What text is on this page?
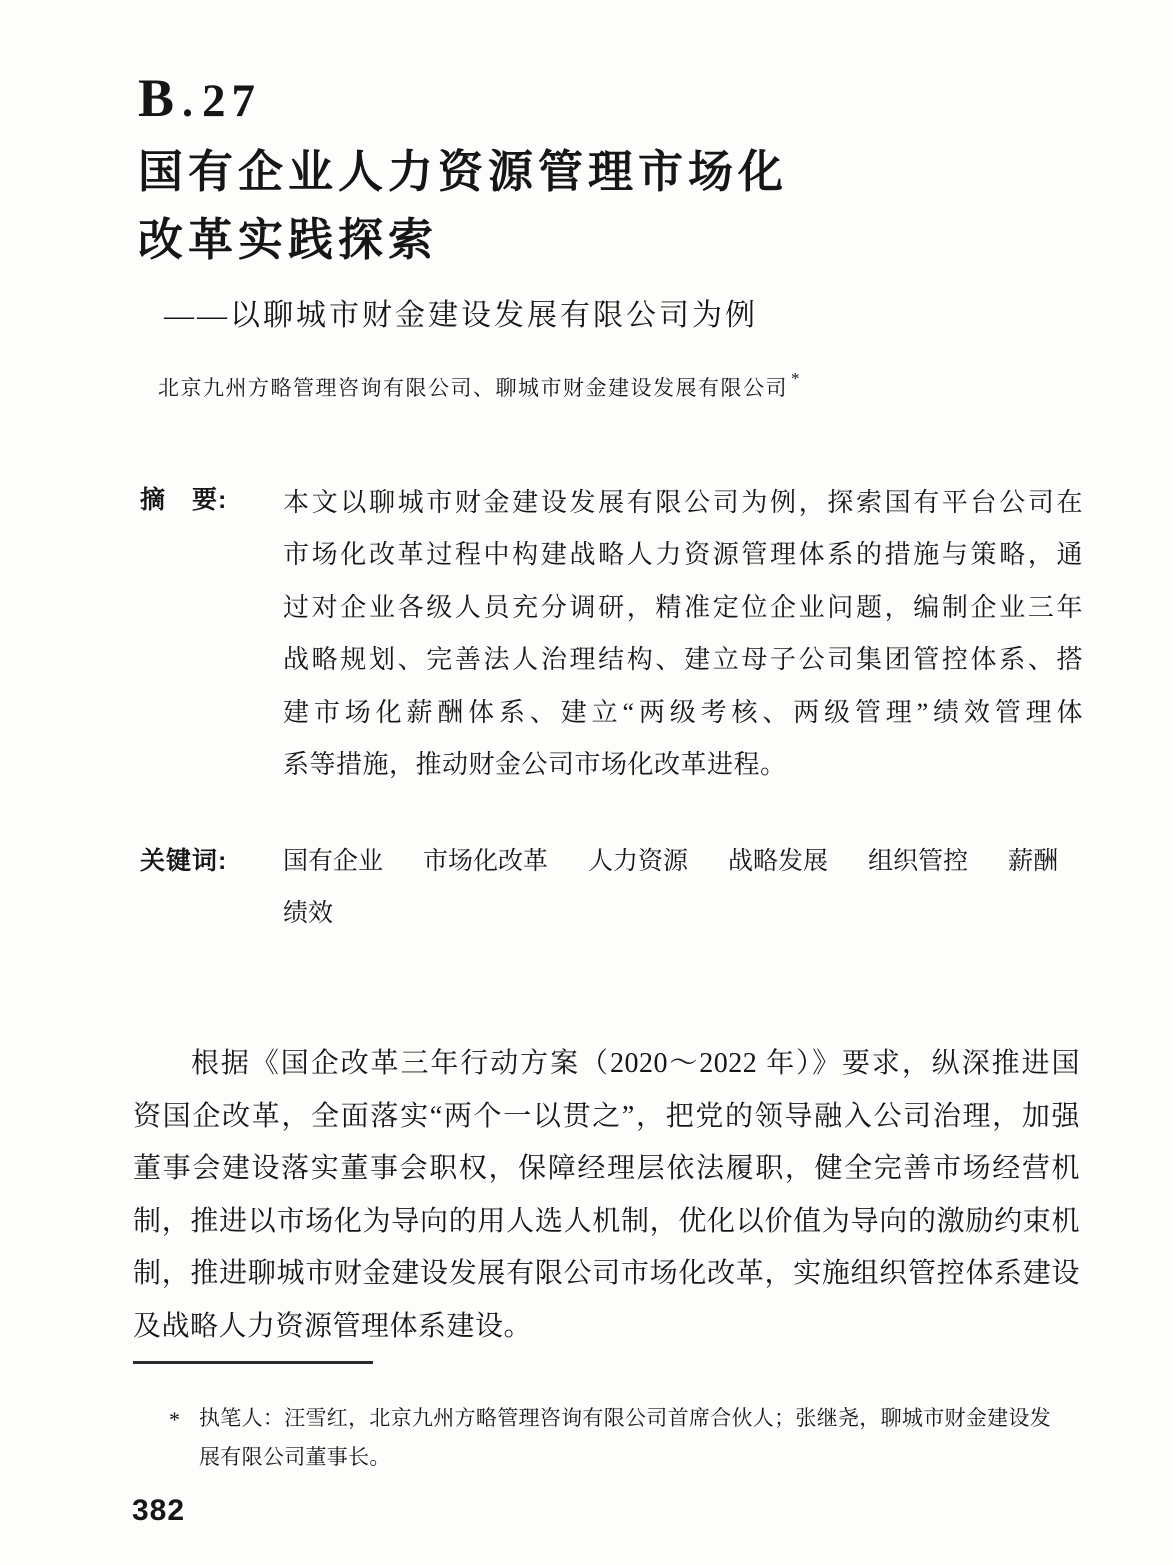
B . 27
国有企业人力资源管理市场化
改革实践探索
——以聊城市财金建设发展有限公司为例
北京九州方略管理咨询有限公司、聊城市财金建设发展有限公司 *
摘　要: 本文以聊城市财金建设发展有限公司为例，探索国有平台公司在
市场化改革过程中构建战略人力资源管理体系的措施与策略，通
过对企业各级人员充分调研，精准定位企业问题，编制企业三年
战略规划、完善法人治理结构、建立母子公司集团管控体系、搭
建市场化薪酬体系、建立“两级考核、两级管理”绩效管理体
系等措施，推动财金公司市场化改革进程。
关键词: 国有企业 市场化改革 人力资源 战略发展 组织管控 薪酬
绩效
根据《国企改革三年行动方案（2020～2022 年）》要求，纵深推进国
资国企改革，全面落实“两个一以贯之”，把党的领导融入公司治理，加强
董事会建设落实董事会职权，保障经理层依法履职，健全完善市场经营机
制，推进以市场化为导向的用人选人机制，优化以价值为导向的激励约束机
制，推进聊城市财金建设发展有限公司市场化改革，实施组织管控体系建设
及战略人力资源管理体系建设。
* 执笔人：汪雪红，北京九州方略管理咨询有限公司首席合伙人；张继尧，聊城市财金建设发
展有限公司董事长。
382
